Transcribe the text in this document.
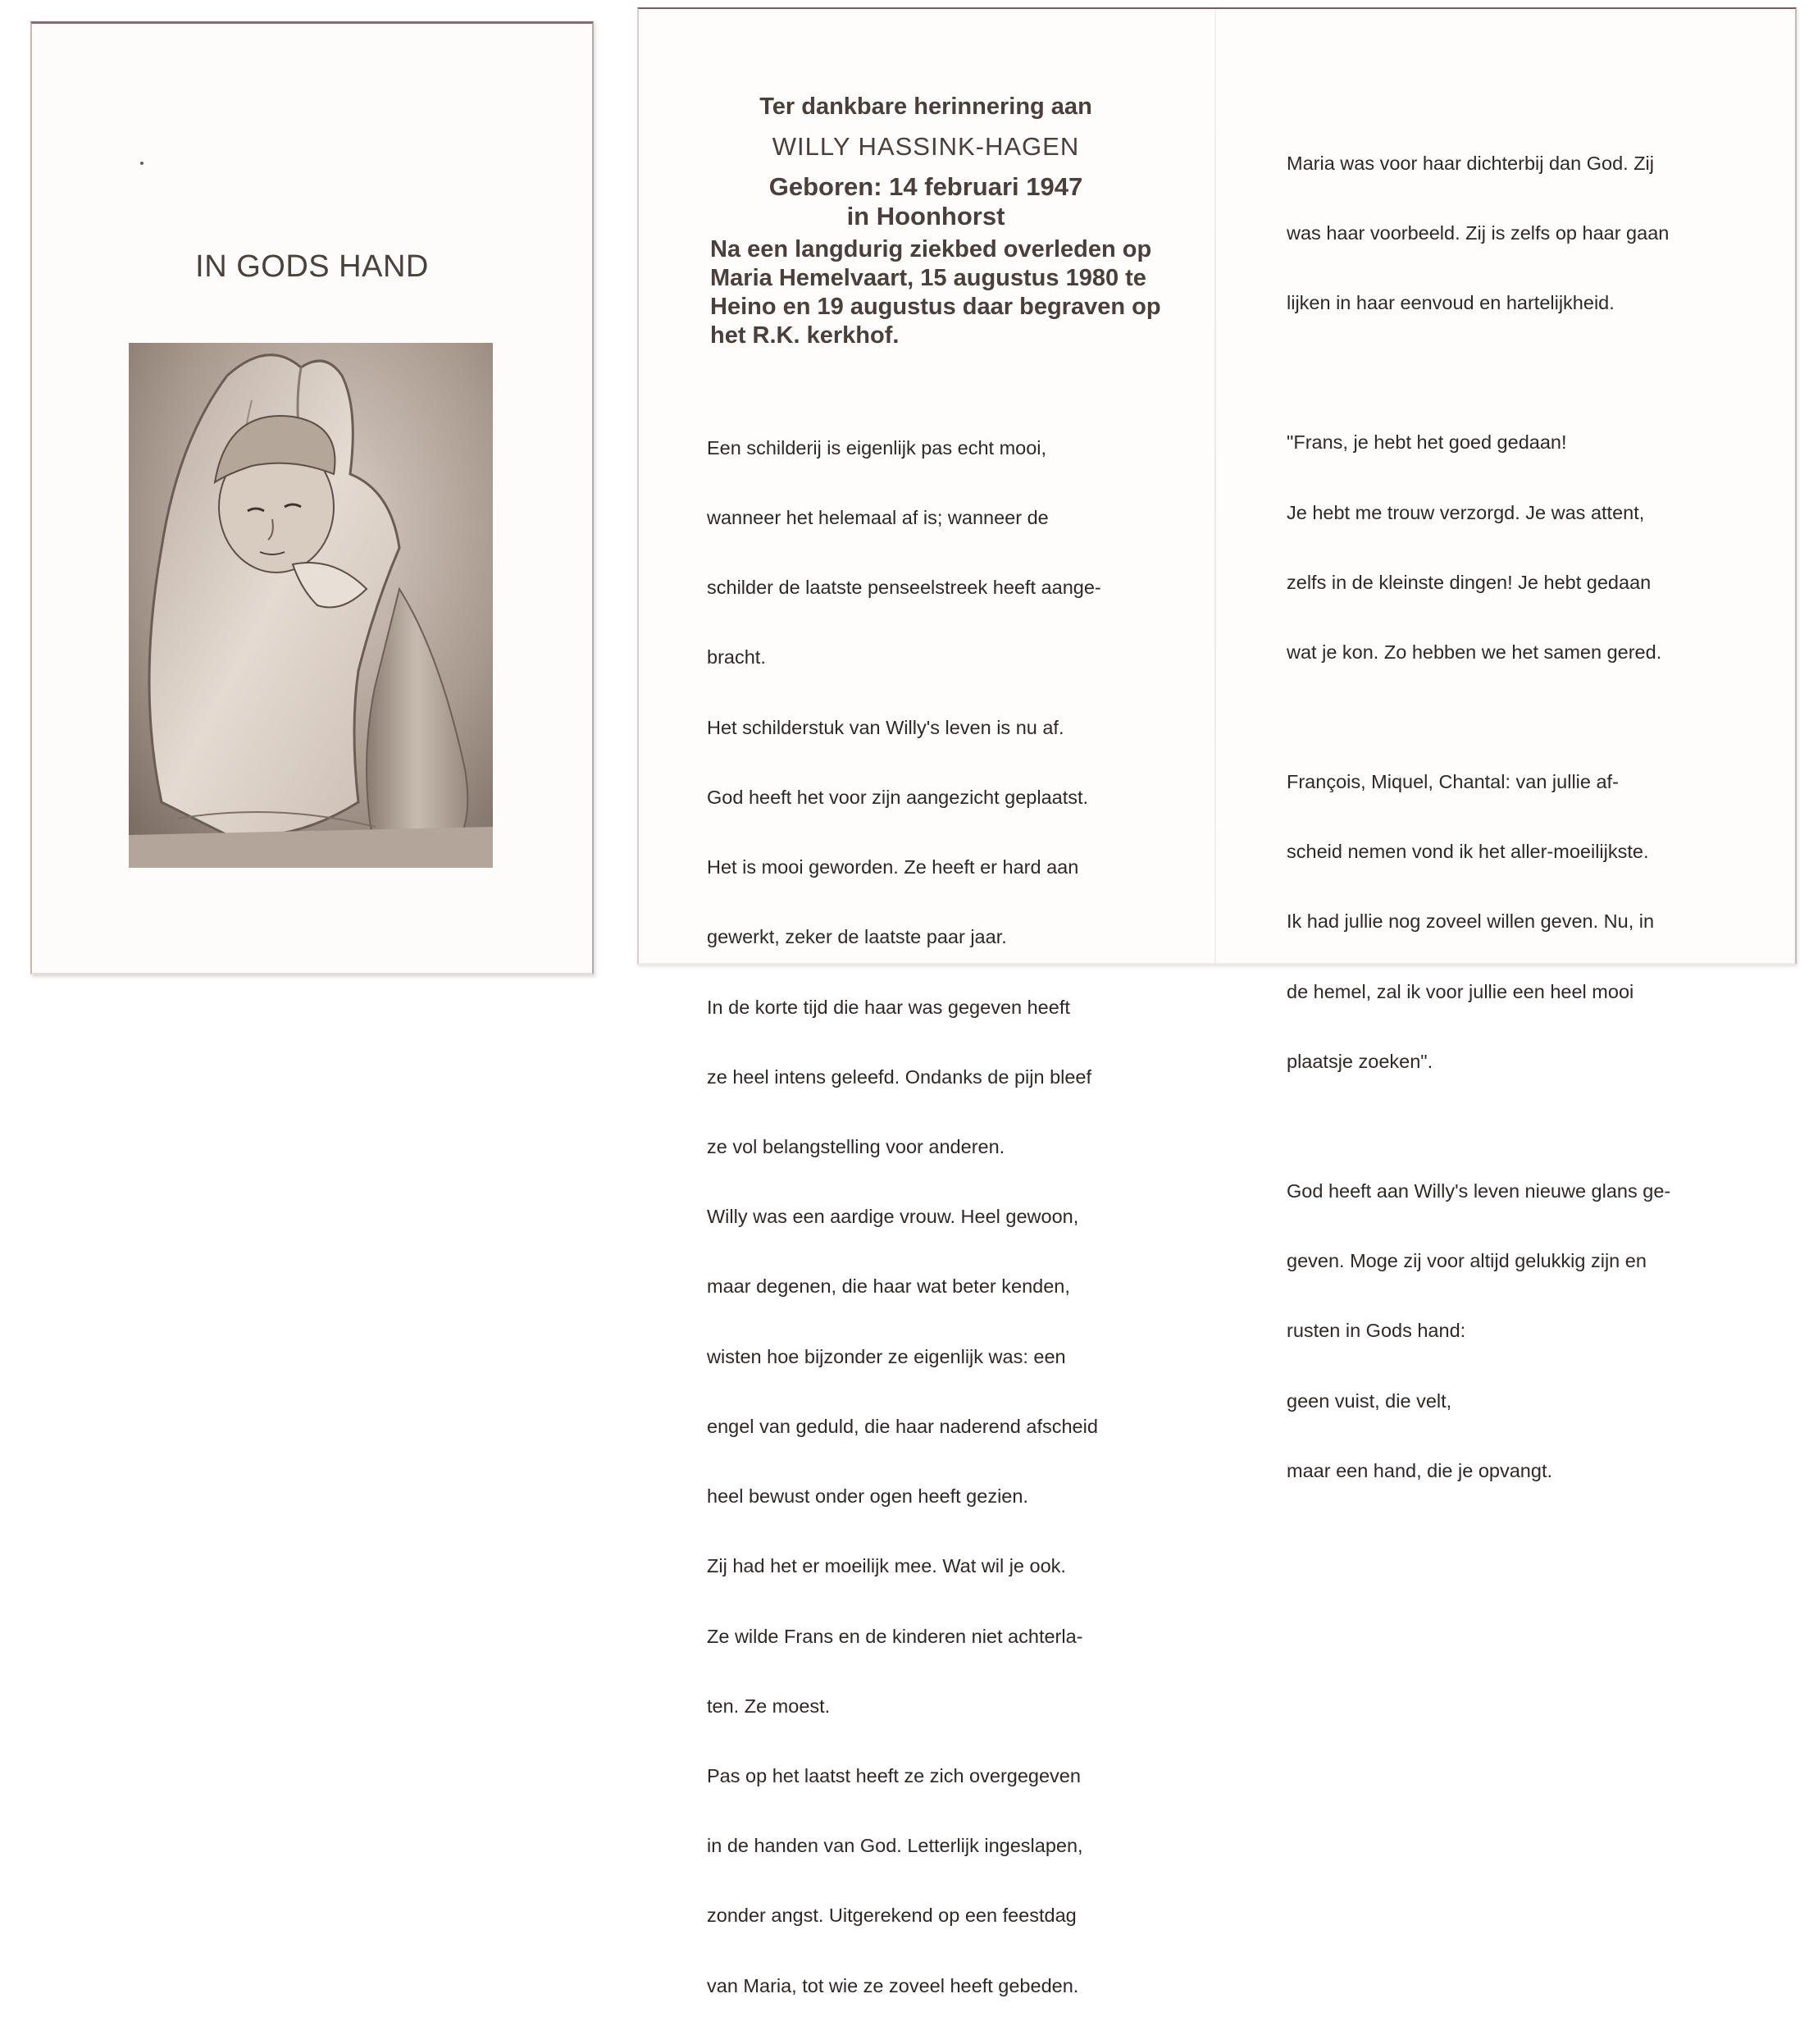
IN GODS HAND
Ter dankbare herinnering aan
WILLY HASSINK-HAGEN
Geboren: 14 februari 1947
in Hoonhorst
Na een langdurig ziekbed overleden op
Maria Hemelvaart, 15 augustus 1980 te
Heino en 19 augustus daar begraven op
het R.K. kerkhof.

Een schilderij is eigenlijk pas echt mooi,

wanneer het helemaal af is; wanneer de

schilder de laatste penseelstreek heeft aange-

bracht.

Het schilderstuk van Willy's leven is nu af.

God heeft het voor zijn aangezicht geplaatst.

Het is mooi geworden. Ze heeft er hard aan

gewerkt, zeker de laatste paar jaar.

In de korte tijd die haar was gegeven heeft

ze heel intens geleefd. Ondanks de pijn bleef

ze vol belangstelling voor anderen.

Willy was een aardige vrouw. Heel gewoon,

maar degenen, die haar wat beter kenden,

wisten hoe bijzonder ze eigenlijk was: een

engel van geduld, die haar naderend afscheid

heel bewust onder ogen heeft gezien.

Zij had het er moeilijk mee. Wat wil je ook.

Ze wilde Frans en de kinderen niet achterla-

ten. Ze moest.

Pas op het laatst heeft ze zich overgegeven

in de handen van God. Letterlijk ingeslapen,

zonder angst. Uitgerekend op een feestdag

van Maria, tot wie ze zoveel heeft gebeden.

Maria was voor haar dichterbij dan God. Zij

was haar voorbeeld. Zij is zelfs op haar gaan

lijken in haar eenvoud en hartelijkheid.

"Frans, je hebt het goed gedaan!

Je hebt me trouw verzorgd. Je was attent,

zelfs in de kleinste dingen! Je hebt gedaan

wat je kon. Zo hebben we het samen gered.

François, Miquel, Chantal: van jullie af-

scheid nemen vond ik het aller-moeilijkste.

Ik had jullie nog zoveel willen geven. Nu, in

de hemel, zal ik voor jullie een heel mooi

plaatsje zoeken".

God heeft aan Willy's leven nieuwe glans ge-

geven. Moge zij voor altijd gelukkig zijn en

rusten in Gods hand:

geen vuist, die velt,

maar een hand, die je opvangt.
